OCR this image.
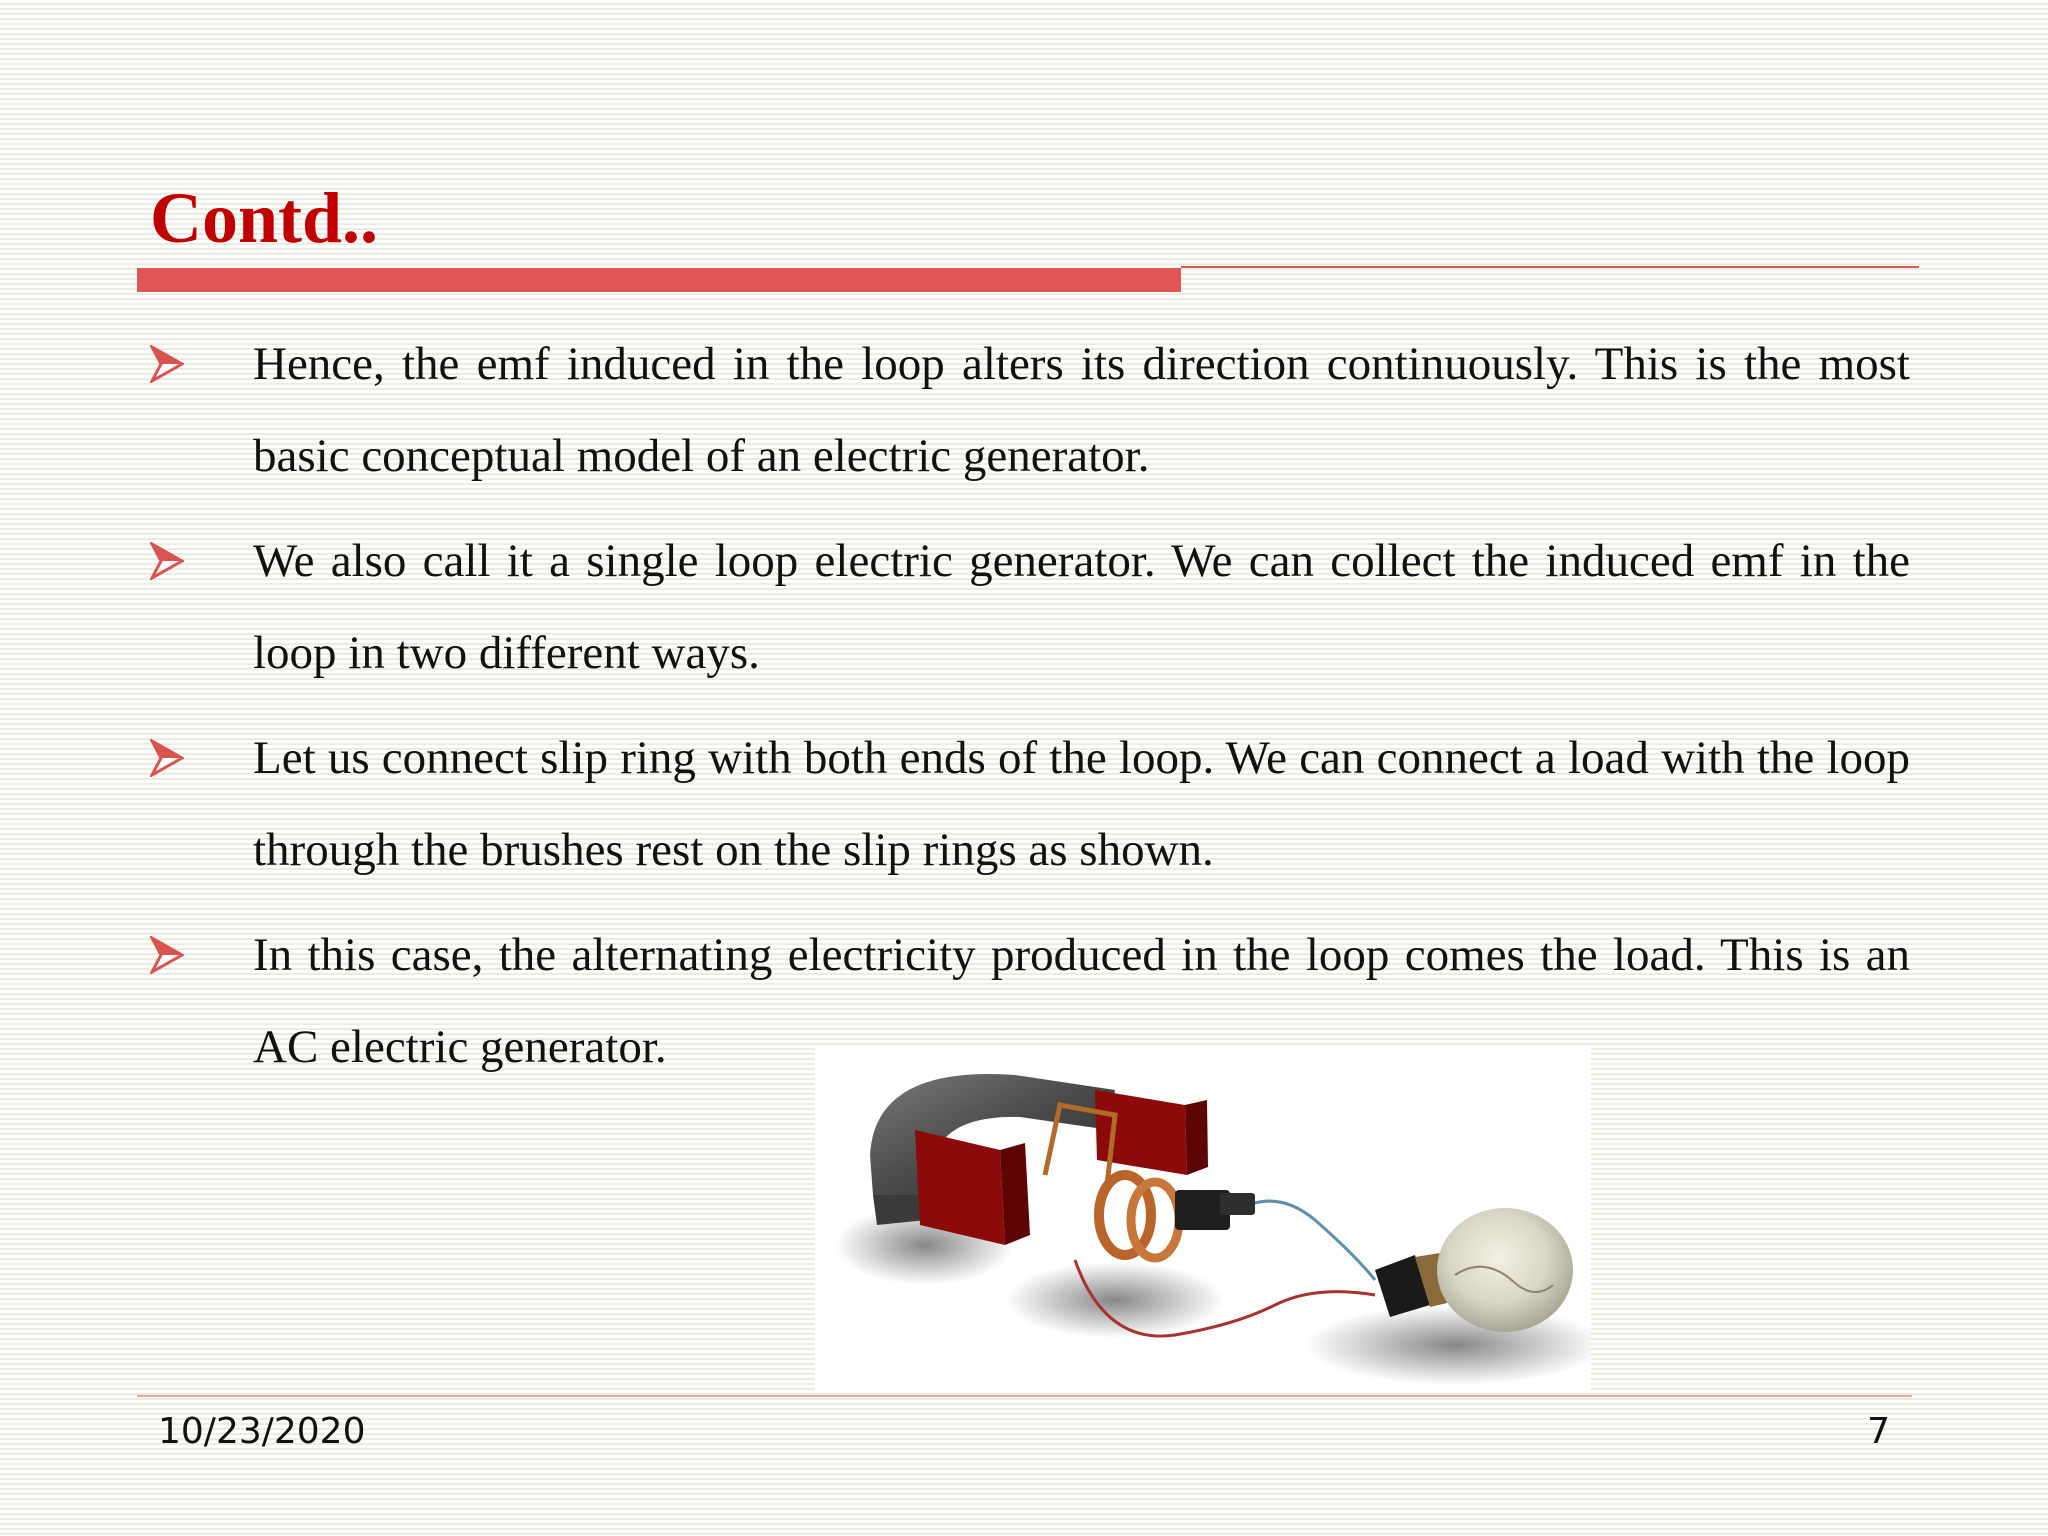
Contd..
Hence, the emf induced in the loop alters its direction continuously. This is the most basic conceptual model of an electric generator.
We also call it a single loop electric generator. We can collect the induced emf in the loop in two different ways.
Let us connect slip ring with both ends of the loop. We can connect a load with the loop through the brushes rest on the slip rings as shown.
In this case, the alternating electricity produced in the loop comes the load. This is an AC electric generator.
10/23/2020	7
